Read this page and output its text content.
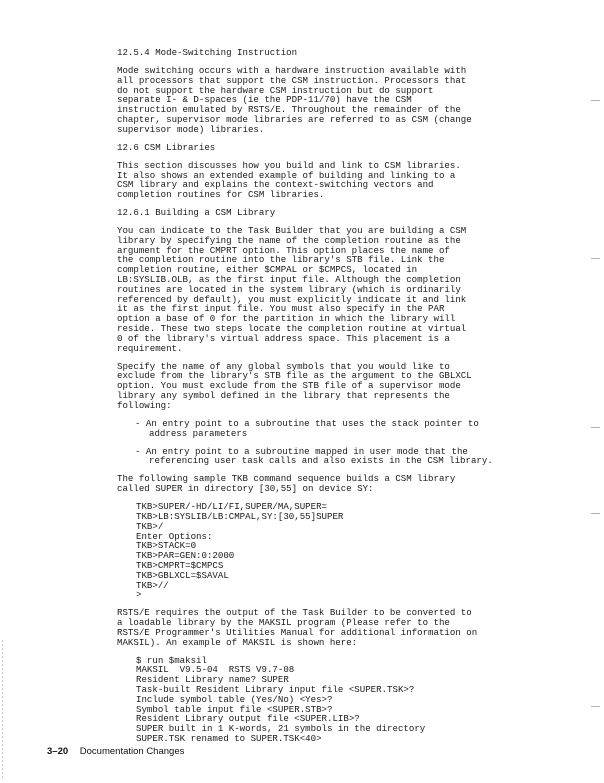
12.5.4 Mode-Switching Instruction
Mode switching occurs with a hardware instruction available with
all processors that support the CSM instruction. Processors that
do not support the hardware CSM instruction but do support
separate I- & D-spaces (ie the PDP-11/70) have the CSM
instruction emulated by RSTS/E. Throughout the remainder of the
chapter, supervisor mode libraries are referred to as CSM (change
supervisor mode) libraries.
12.6 CSM Libraries
This section discusses how you build and link to CSM libraries.
It also shows an extended example of building and linking to a
CSM library and explains the context-switching vectors and
completion routines for CSM libraries.
12.6.1 Building a CSM Library
You can indicate to the Task Builder that you are building a CSM
library by specifying the name of the completion routine as the
argument for the CMPRT option. This option places the name of
the completion routine into the library's STB file. Link the
completion routine, either $CMPAL or $CMPCS, located in
LB:SYSLIB.OLB, as the first input file. Although the completion
routines are located in the system library (which is ordinarily
referenced by default), you must explicitly indicate it and link
it as the first input file. You must also specify in the PAR
option a base of 0 for the partition in which the library will
reside. These two steps locate the completion routine at virtual
0 of the library's virtual address space. This placement is a
requirement.
Specify the name of any global symbols that you would like to
exclude from the library's STB file as the argument to the GBLXCL
option. You must exclude from the STB file of a supervisor mode
library any symbol defined in the library that represents the
following:
- An entry point to a subroutine that uses the stack pointer to
address parameters
- An entry point to a subroutine mapped in user mode that the
referencing user task calls and also exists in the CSM library.
The following sample TKB command sequence builds a CSM library
called SUPER in directory [30,55] on device SY:
TKB>SUPER/-HD/LI/FI,SUPER/MA,SUPER=
TKB>LB:SYSLIB/LB:CMPAL,SY:[30,55]SUPER
TKB>/
Enter Options:
TKB>STACK=0
TKB>PAR=GEN:0:2000
TKB>CMPRT=$CMPCS
TKB>GBLXCL=$SAVAL
TKB>//
>
RSTS/E requires the output of the Task Builder to be converted to
a loadable library by the MAKSIL program (Please refer to the
RSTS/E Programmer's Utilities Manual for additional information on
MAKSIL). An example of MAKSIL is shown here:
$ run $maksil
MAKSIL  V9.5-04  RSTS V9.7-08
Resident Library name? SUPER
Task-built Resident Library input file <SUPER.TSK>?
Include symbol table (Yes/No) <Yes>?
Symbol table input file <SUPER.STB>?
Resident Library output file <SUPER.LIB>?
SUPER built in 1 K-words, 21 symbols in the directory
SUPER.TSK renamed to SUPER.TSK<40>
3–20 Documentation Changes
